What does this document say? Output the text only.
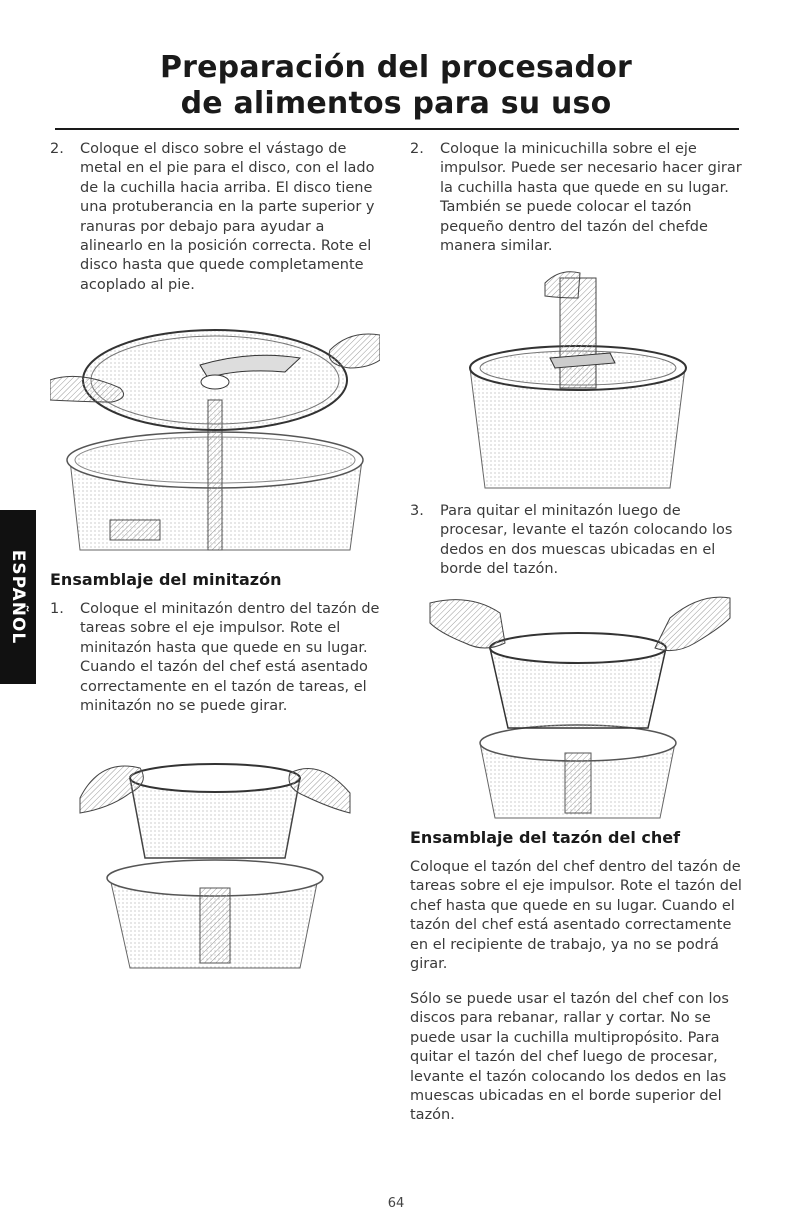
Preparación del procesador
de alimentos para su uso
ESPAÑOL
2. Coloque el disco sobre el vástago de metal en el pie para el disco, con el lado de la cuchilla hacia arriba. El disco tiene una protuberancia en la parte superior y ranuras por debajo para ayudar a alinearlo en la posición correcta. Rote el disco hasta que quede completamente acoplado al pie.
Ensamblaje del minitazón
1. Coloque el minitazón dentro del tazón de tareas sobre el eje impulsor. Rote el minitazón hasta que quede en su lugar. Cuando el tazón del chef está asentado correctamente en el tazón de tareas, el minitazón no se puede girar.
2. Coloque la minicuchilla sobre el eje impulsor. Puede ser necesario hacer girar la cuchilla hasta que quede en su lugar. También se puede colocar el tazón pequeño dentro del tazón del chefde manera similar.
3. Para quitar el minitazón luego de procesar, levante el tazón colocando los dedos en dos muescas ubicadas en el borde del tazón.
Ensamblaje del tazón del chef
Coloque el tazón del chef dentro del tazón de tareas sobre el eje impulsor. Rote el tazón del chef hasta que quede en su lugar. Cuando el tazón del chef está asentado correctamente en el recipiente de trabajo, ya no se podrá girar.
Sólo se puede usar el tazón del chef con los discos para rebanar, rallar y cortar. No se puede usar la cuchilla multipropósito. Para quitar el tazón del chef luego de procesar, levante el tazón colocando los dedos en las muescas ubicadas en el borde superior del tazón.
64
